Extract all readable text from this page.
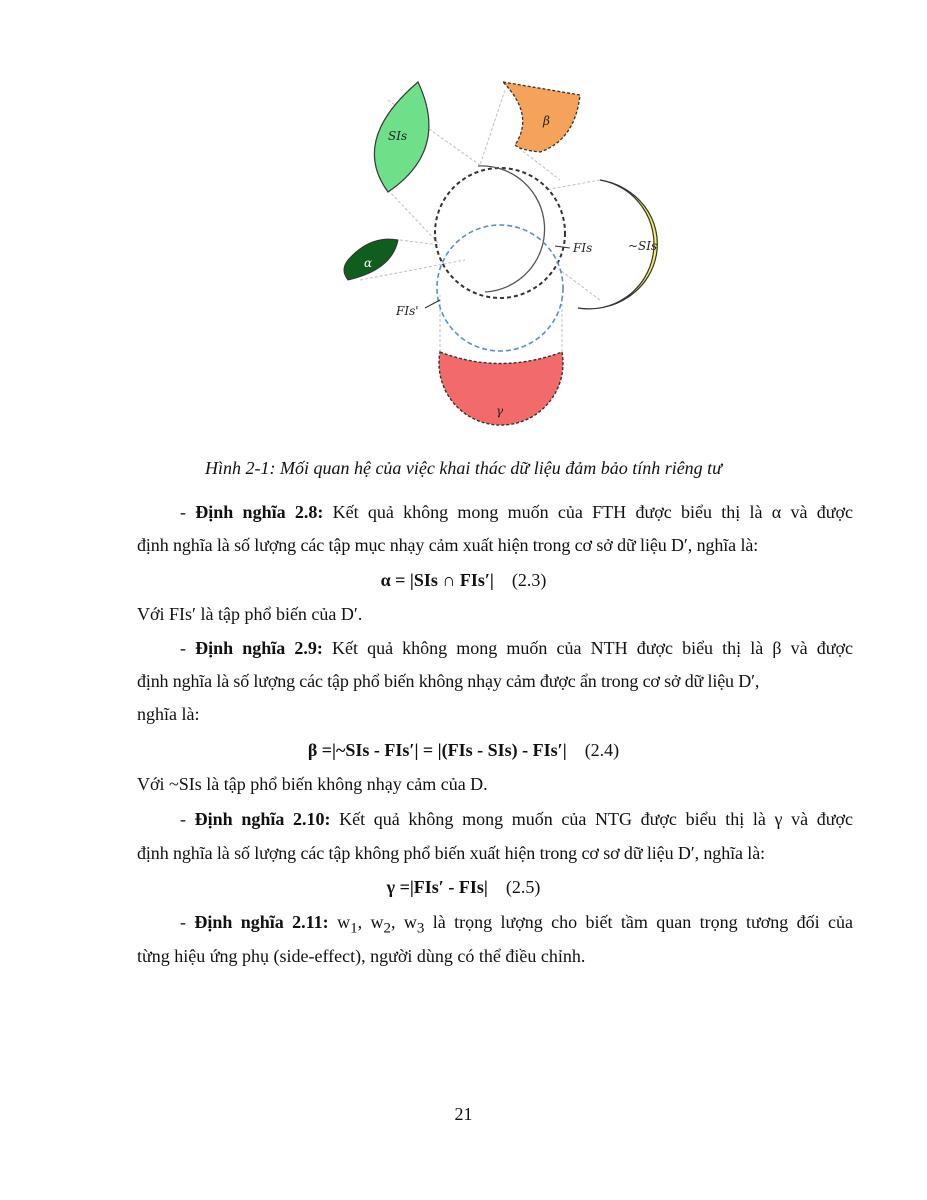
SIs
β
~SIs
FIs
α
FIs'
γ
Hình 2-1: Mối quan hệ của việc khai thác dữ liệu đảm bảo tính riêng tư
- Định nghĩa 2.8: Kết quả không mong muốn của FTH được biểu thị là α và được
định nghĩa là số lượng các tập mục nhạy cảm xuất hiện trong cơ sở dữ liệu D′, nghĩa là:
α = |SIs ∩ FIs′| (2.3)
Với FIs′ là tập phổ biến của D′.
- Định nghĩa 2.9: Kết quả không mong muốn của NTH được biểu thị là β và được
định nghĩa là số lượng các tập phổ biến không nhạy cảm được ẩn trong cơ sở dữ liệu D′,
nghĩa là:
β =|~SIs - FIs′| = |(FIs - SIs) - FIs′| (2.4)
Với ~SIs là tập phổ biến không nhạy cảm của D.
- Định nghĩa 2.10: Kết quả không mong muốn của NTG được biểu thị là γ và được
định nghĩa là số lượng các tập không phổ biến xuất hiện trong cơ sơ dữ liệu D′, nghĩa là:
γ =|FIs′ - FIs| (2.5)
- Định nghĩa 2.11: $w_1$, $w_2$, $w_3$ là trọng lượng cho biết tầm quan trọng tương đối của
từng hiệu ứng phụ (side-effect), người dùng có thể điều chỉnh.
21
